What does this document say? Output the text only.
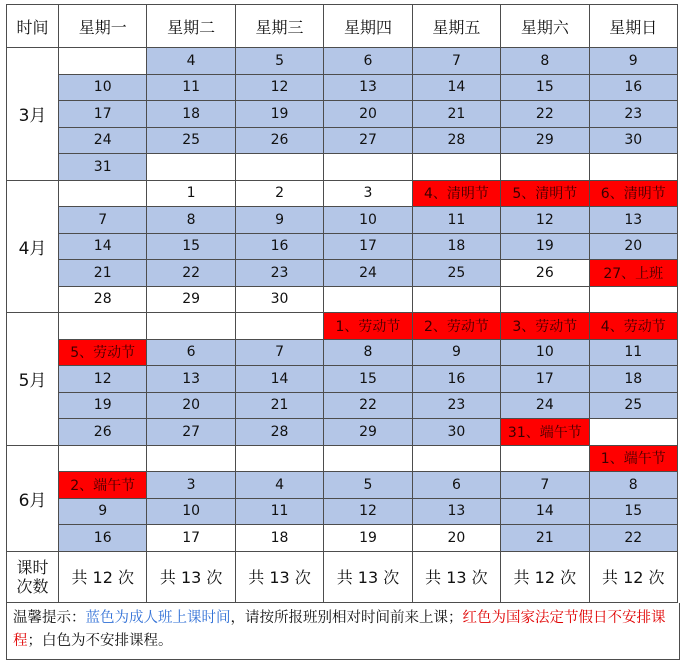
时间	星期一	星期二	星期三	星期四	星期五	星期六	星期日
3月		4	5	6	7	8	9
	10	11	12	13	14	15	16
	17	18	19	20	21	22	23
	24	25	26	27	28	29	30
	31						
4月		1	2	3	4、清明节	5、清明节	6、清明节
	7	8	9	10	11	12	13
	14	15	16	17	18	19	20
	21	22	23	24	25	26	27、上班
	28	29	30				
5月				1、劳动节	2、劳动节	3、劳动节	4、劳动节
	5、劳动节	6	7	8	9	10	11
	12	13	14	15	16	17	18
	19	20	21	22	23	24	25
	26	27	28	29	30	31、端午节	
6月							1、端午节
	2、端午节	3	4	5	6	7	8
	9	10	11	12	13	14	15
	16	17	18	19	20	21	22
课时
次数	共 12 次	共 13 次	共 13 次	共 13 次	共 13 次	共 12 次	共 12 次
温馨提示：蓝色为成人班上课时间，请按所报班别相对时间前来上课；红色为国家法定节假日不安排课程；白色为不安排课程。
